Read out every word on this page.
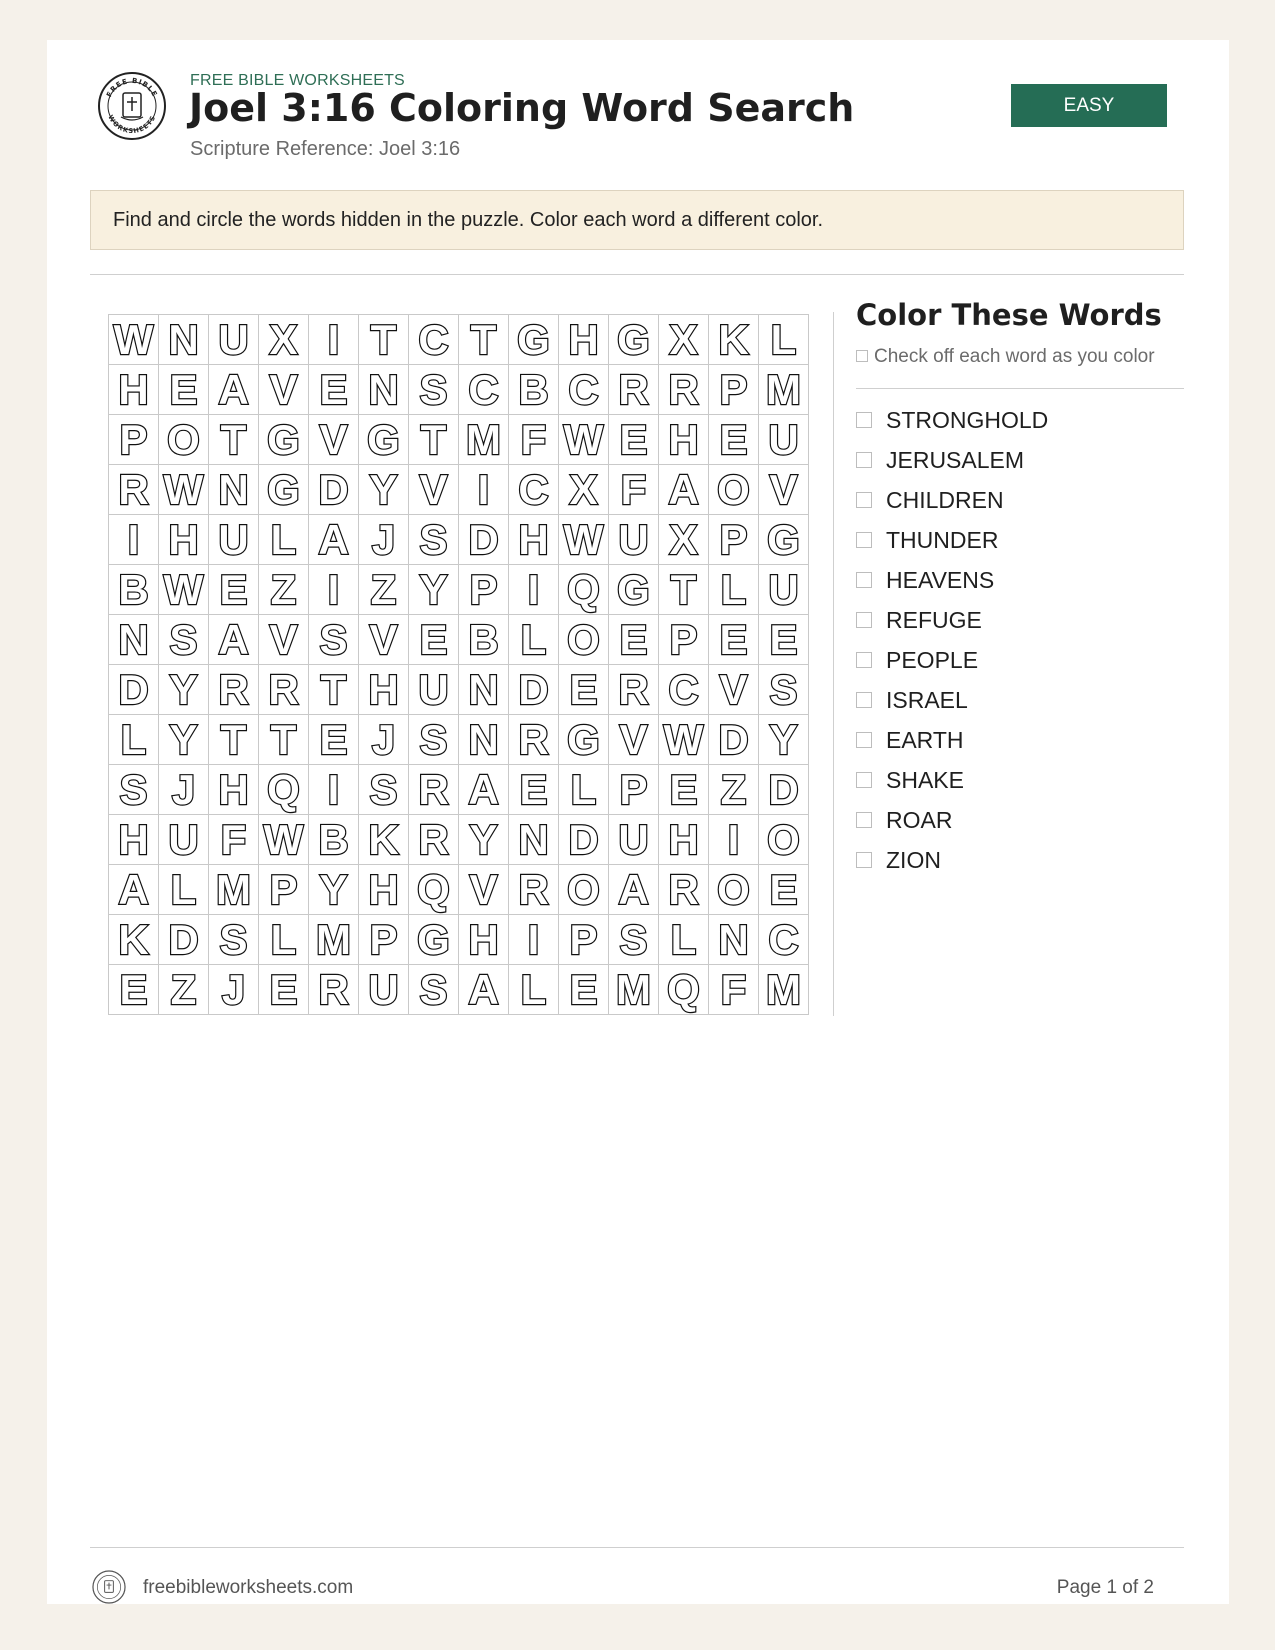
FREE BIBLE
WORKSHEETS
FREE BIBLE WORKSHEETS
Joel 3:16 Coloring Word Search
Scripture Reference: Joel 3:16
EASY
Find and circle the words hidden in the puzzle. Color each word a different color.
W N U X I T C T G H G X K L
H E A V E N S C B C R R P M
P O T G V G T M F W E H E U
R W N G D Y V I C X F A O V
I H U L A J S D H W U X P G
B W E Z I Z Y P I Q G T L U
N S A V S V E B L O E P E E
D Y R R T H U N D E R C V S
L Y T T E J S N R G V W D Y
S J H Q I S R A E L P E Z D
H U F W B K R Y N D U H I O
A L M P Y H Q V R O A R O E
K D S L M P G H I P S L N C
E Z J E R U S A L E M Q F M
Color These Words
Check off each word as you color
STRONGHOLD
JERUSALEM
CHILDREN
THUNDER
HEAVENS
REFUGE
PEOPLE
ISRAEL
EARTH
SHAKE
ROAR
ZION
freebibleworksheets.com	Page 1 of 2
